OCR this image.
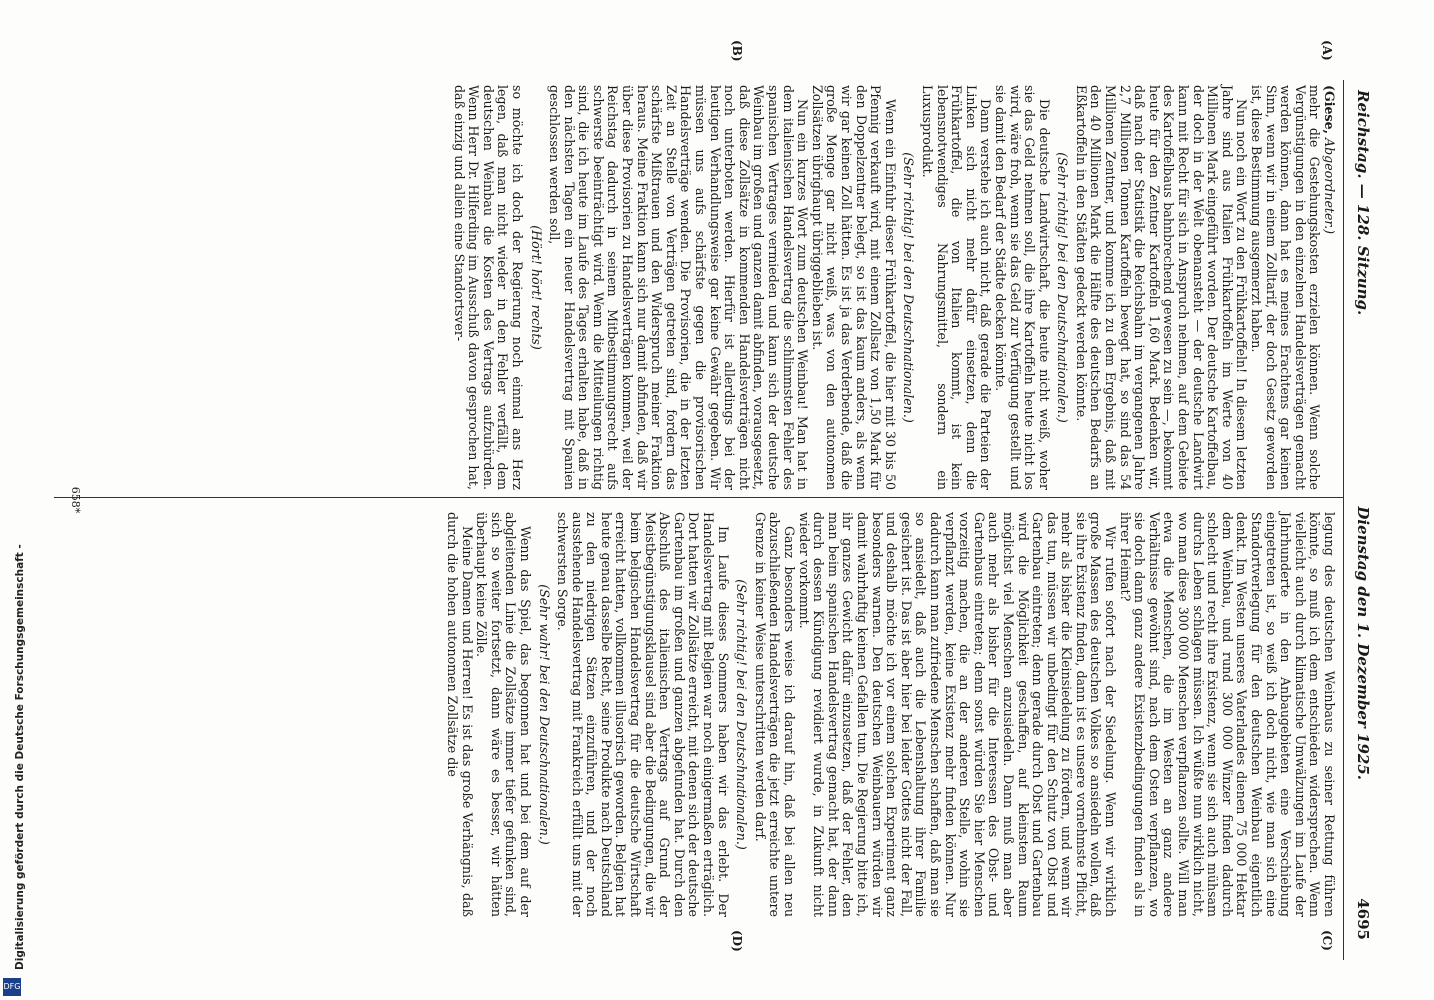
Reichstag. — 128. Sitzung.
Dienstag den 1. Dezember 1925.
4695
(A)
(B)
(C)
(D)

(Giese, Abgeordneter.)

mehr die Gestehungskosten erzielen können. Wenn solche Vergünstigungen in den einzelnen Handelsverträgen gemacht werden können, dann hat es meines Erachtens gar keinen Sinn, wenn wir in einem Zolltarif, der doch Gesetz geworden ist, diese Bestimmung ausgemerzt haben.

Nun noch ein Wort zu den Frühkartoffeln! In diesem letzten Jahre sind aus Italien Frühkartoffeln im Werte von 40 Millionen Mark eingeführt worden. Der deutsche Kartoffelbau, der doch in der Welt obenansteht — der deutsche Landwirt kann mit Recht für sich in Anspruch nehmen, auf dem Gebiete des Kartoffelbaus bahnbrechend gewesen zu sein —, bekommt heute für den Zentner Kartoffeln 1,60 Mark. Bedenken wir, daß nach der Statistik die Reichsbahn im vergangenen Jahre 2,7 Millionen Tonnen Kartoffeln bewegt hat, so sind das 54 Millionen Zentner, und komme ich zu dem Ergebnis, daß mit den 40 Millionen Mark die Hälfte des deutschen Bedarfs an Eßkartoffeln in den Städten gedeckt werden könnte.

(Sehr richtig! bei den Deutschnationalen.)

Die deutsche Landwirtschaft, die heute nicht weiß, woher sie das Geld nehmen soll, die ihre Kartoffeln heute nicht los wird, wäre froh, wenn sie das Geld zur Verfügung gestellt und sie damit den Bedarf der Städte decken könnte.

Dann verstehe ich auch nicht, daß gerade die Parteien der Linken sich nicht mehr dafür einsetzen, denn die Frühkartoffel, die von Italien kommt, ist kein lebensnotwendiges Nahrungsmittel, sondern ein Luxusprodukt.

(Sehr richtig! bei den Deutschnationalen.)

Wenn ein Einfuhr dieser Frühkartoffel, die hier mit 30 bis 50 Pfennig verkauft wird, mit einem Zollsatz von 1,50 Mark für den Doppelzentner belegt, so ist das kaum anders, als wenn wir gar keinen Zoll hätten. Es ist ja das Verderbende, daß die große Menge gar nicht weiß, was von den autonomen Zollsätzen übrighaupt übriggeblieben ist.

Nun ein kurzes Wort zum deutschen Weinbau! Man hat in dem italienischen Handelsvertrag die schlimmsten Fehler des spanischen Vertrages vermieden und kann sich der deutsche Weinbau im großen und ganzen damit abfinden, vorausgesetzt, daß diese Zollsätze in kommenden Handelsverträgen nicht noch unterboten werden. Hierfür ist allerdings bei der heutigen Verhandlungsweise gar keine Gewähr gegeben. Wir müssen uns aufs schärfste gegen die provisorischen Handelsverträge wenden. Die Provisorien, die in der letzten Zeit an Stelle von Verträgen getreten sind, fordern das schärfste Mißtrauen und den Widerspruch meiner Fraktion heraus. Meine Fraktion kann sich nur damit abfinden, daß wir über diese Provisorien zu Handelsverträgen kommen, weil der Reichstag dadurch in seinem Mitbestimmungsrecht aufs schwerste beeinträchtigt wird. Wenn die Mitteilungen richtig sind, die ich heute im Laufe des Tages erhalten habe, daß in den nächsten Tagen ein neuer Handelsvertrag mit Spanien geschlossen werden soll,

(Hört! hört! rechts)

so möchte ich doch der Regierung noch einmal ans Herz legen, daß man nicht wieder in den Fehler verfällt, dem deutschen Weinbau die Kosten des Vertrags aufzubürden. Wenn Herr Dr. Hilferding im Ausschuß davon gesprochen hat, daß einzig und allein eine Standortsver-

legung des deutschen Weinbaus zu seiner Rettung führen könnte, so muß ich dem entschieden widersprechen. Wenn vielleicht auch durch klimatische Umwälzungen im Laufe der Jahrhunderte in den Anbaugebieten eine Verschiebung eingetreten ist, so weiß ich doch nicht, wie man sich eine Standortverlegung für den deutschen Weinbau eigentlich denkt. Im Westen unseres Vaterlandes dienen 75 000 Hektar dem Weinbau, und rund 300 000 Winzer finden dadurch schlecht und recht ihre Existenz, wenn sie sich auch mühsam durchs Leben schlagen müssen. Ich wüßte nun wirklich nicht, wo man diese 300 000 Menschen verpflanzen sollte. Will man etwa die Menschen, die im Westen an ganz andere Verhältnisse gewöhnt sind, nach dem Osten verpflanzen, wo sie doch dann ganz andere Existenzbedingungen finden als in ihrer Heimat?

Wir rufen sofort nach der Siedelung. Wenn wir wirklich große Massen des deutschen Volkes so ansiedeln wollen, daß sie ihre Existenz finden, dann ist es unsere vornehmste Pflicht, mehr als bisher die Kleinsiedelung zu fördern, und wenn wir das tun, müssen wir unbedingt für den Schutz von Obst und Gartenbau eintreten; denn gerade durch Obst und Gartenbau wird die Möglichkeit geschaffen, auf kleinstem Raum möglichst viel Menschen anzusiedeln. Dann muß man aber auch mehr als bisher für die Interessen des Obst- und Gartenbaus eintreten; denn sonst würden Sie hier Menschen vorzeitig machen, die an der anderen Stelle, wohin sie verpflanzt werden, keine Existenz mehr finden können. Nur dadurch kann man zufriedene Menschen schaffen, daß man sie so ansiedelt, daß auch die Lebenshaltung ihrer Familie gesichert ist. Das ist aber hier bei leider Gottes nicht der Fall, und deshalb möchte ich vor einem solchen Experiment ganz besonders warnen. Den deutschen Weinbauern würden wir damit wahrhaftig keinen Gefallen tun. Die Regierung bitte ich, ihr ganzes Gewicht dafür einzusetzen, daß der Fehler, den man beim spanischen Handelsvertrag gemacht hat, der dann durch dessen Kündigung revidiert wurde, in Zukunft nicht wieder vorkommt.

Ganz besonders weise ich darauf hin, daß bei allen neu abzuschließenden Handelsverträgen die jetzt erreichte untere Grenze in keiner Weise unterschritten werden darf.

(Sehr richtig! bei den Deutschnationalen.)

Im Laufe dieses Sommers haben wir das erlebt. Der Handelsvertrag mit Belgien war noch einigermaßen erträglich. Dort hatten wir Zollsätze erreicht, mit denen sich der deutsche Gartenbau im großen und ganzen abgefunden hat. Durch den Abschluß des italienischen Vertrags auf Grund der Meistbegünstigungsklausel sind aber die Bedingungen, die wir beim belgischen Handelsvertrag für die deutsche Wirtschaft erreicht hatten, vollkommen illusorisch geworden. Belgien hat heute genau dasselbe Recht, seine Produkte nach Deutschland zu den niedrigen Sätzen einzuführen, und der noch ausstehende Handelsvertrag mit Frankreich erfüllt uns mit der schwersten Sorge.

(Sehr wahr! bei den Deutschnationalen.)

Wenn das Spiel, das begonnen hat und bei dem auf der abgleitenden Linie die Zollsätze immer tiefer gefunken sind, sich so weiter fortsetzt, dann wäre es besser, wir hätten überhaupt keine Zölle.

Meine Damen und Herren! Es ist das große Verhängnis, daß durch die hohen autonomen Zollsätze die

658*
Digitalisierung gefördert durch die Deutsche Forschungsgemeinschaft -
DFG
